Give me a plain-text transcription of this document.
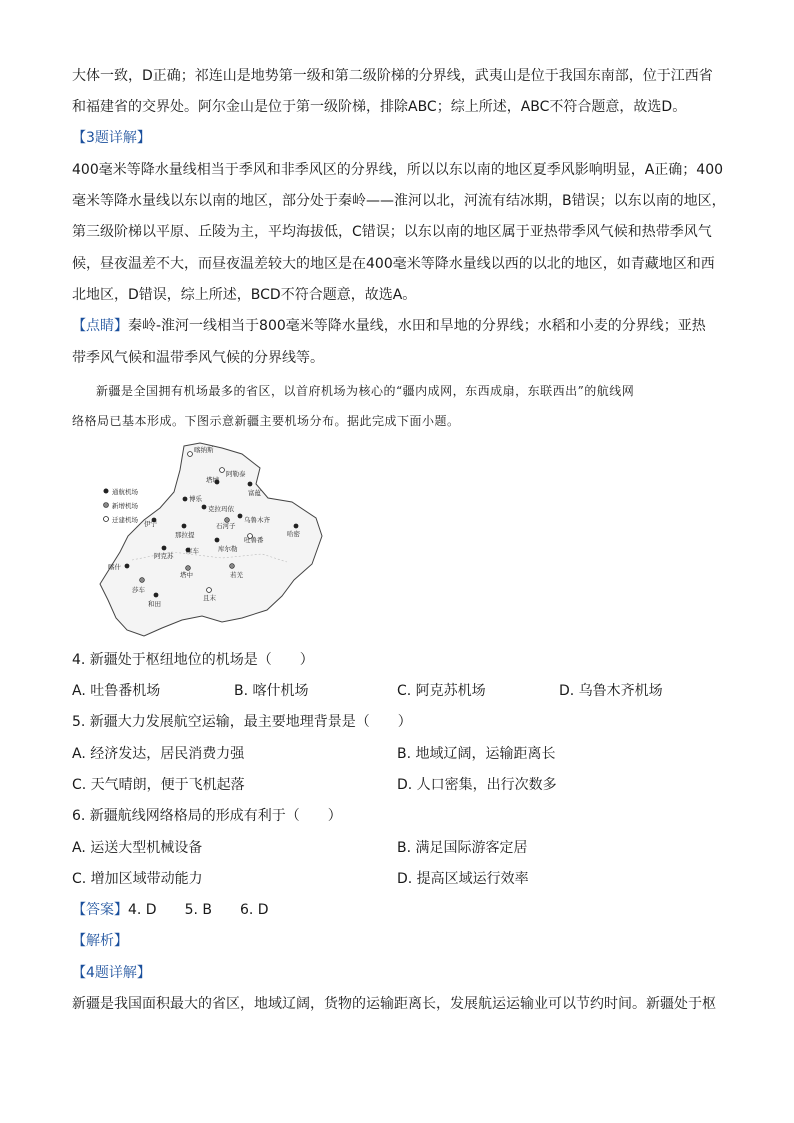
大体一致，D正确；祁连山是地势第一级和第二级阶梯的分界线，武夷山是位于我国东南部，位于江西省
和福建省的交界处。阿尔金山是位于第一级阶梯，排除ABC；综上所述，ABC不符合题意，故选D。
【3题详解】
400毫米等降水量线相当于季风和非季风区的分界线，所以以东以南的地区夏季风影响明显，A正确；400
毫米等降水量线以东以南的地区，部分处于秦岭——淮河以北，河流有结冰期，B错误；以东以南的地区，
第三级阶梯以平原、丘陵为主，平均海拔低，C错误；以东以南的地区属于亚热带季风气候和热带季风气
候，昼夜温差不大，而昼夜温差较大的地区是在400毫米等降水量线以西的以北的地区，如青藏地区和西
北地区，D错误，综上所述，BCD不符合题意，故选A。
【点睛】秦岭-淮河一线相当于800毫米等降水量线，水田和旱地的分界线；水稻和小麦的分界线；亚热
带季风气候和温带季风气候的分界线等。
新疆是全国拥有机场最多的省区，以首府机场为核心的“疆内成网，东西成扇，东联西出”的航线网
络格局已基本形成。下图示意新疆主要机场分布。据此完成下面小题。
通航机场
新增机场
迁建机场
喀纳斯
阿勒泰
塔城
富蕴
博乐
克拉玛依
伊宁	石河子
乌鲁木齐
那拉提
吐鲁番
哈密
库车	库尔勒
阿克苏
喀什
塔中	若羌
莎车
且末
和田
4. 新疆处于枢纽地位的机场是（　　）
A. 吐鲁番机场	B. 喀什机场	C. 阿克苏机场	D. 乌鲁木齐机场
5. 新疆大力发展航空运输，最主要地理背景是（　　）
A. 经济发达，居民消费力强	B. 地域辽阔，运输距离长
C. 天气晴朗，便于飞机起落	D. 人口密集，出行次数多
6. 新疆航线网络格局的形成有利于（　　）
A. 运送大型机械设备	B. 满足国际游客定居
C. 增加区域带动能力	D. 提高区域运行效率
【答案】4. D　　5. B　　6. D
【解析】
【4题详解】
新疆是我国面积最大的省区，地域辽阔，货物的运输距离长，发展航运运输业可以节约时间。新疆处于枢
